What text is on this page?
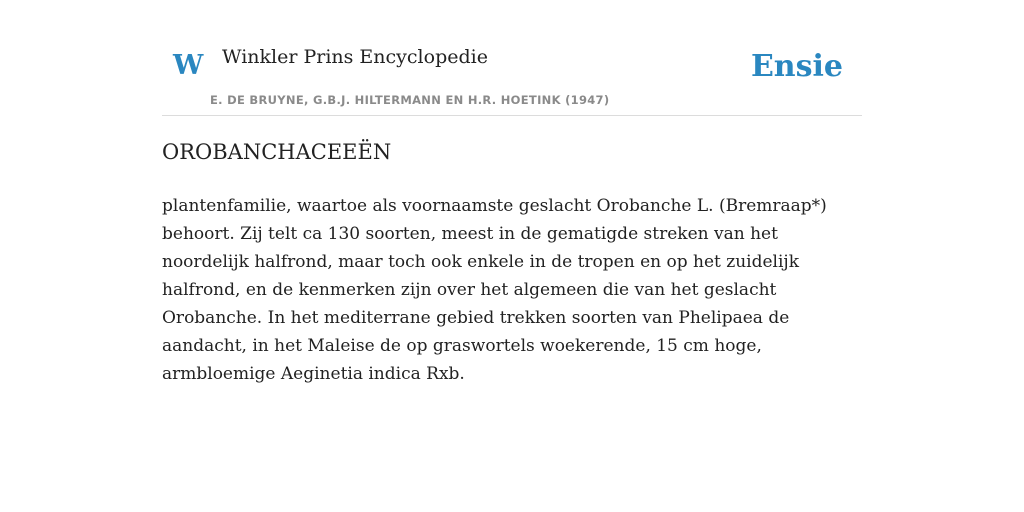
W Winkler Prins Encyclopedie
E. DE BRUYNE, G.B.J. HILTERMANN EN H.R. HOETINK (1947)
Ensie
OROBANCHACEEËN

plantenfamilie, waartoe als voornaamste geslacht Orobanche L. (Bremraap*) behoort. Zij telt ca 130 soorten, meest in de gematigde streken van het noordelijk halfrond, maar toch ook enkele in de tropen en op het zuidelijk halfrond, en de kenmerken zijn over het algemeen die van het geslacht Orobanche. In het mediterrane gebied trekken soorten van Phelipaea de aandacht, in het Maleise de op graswortels woekerende, 15 cm hoge, armbloemige Aeginetia indica Rxb.
